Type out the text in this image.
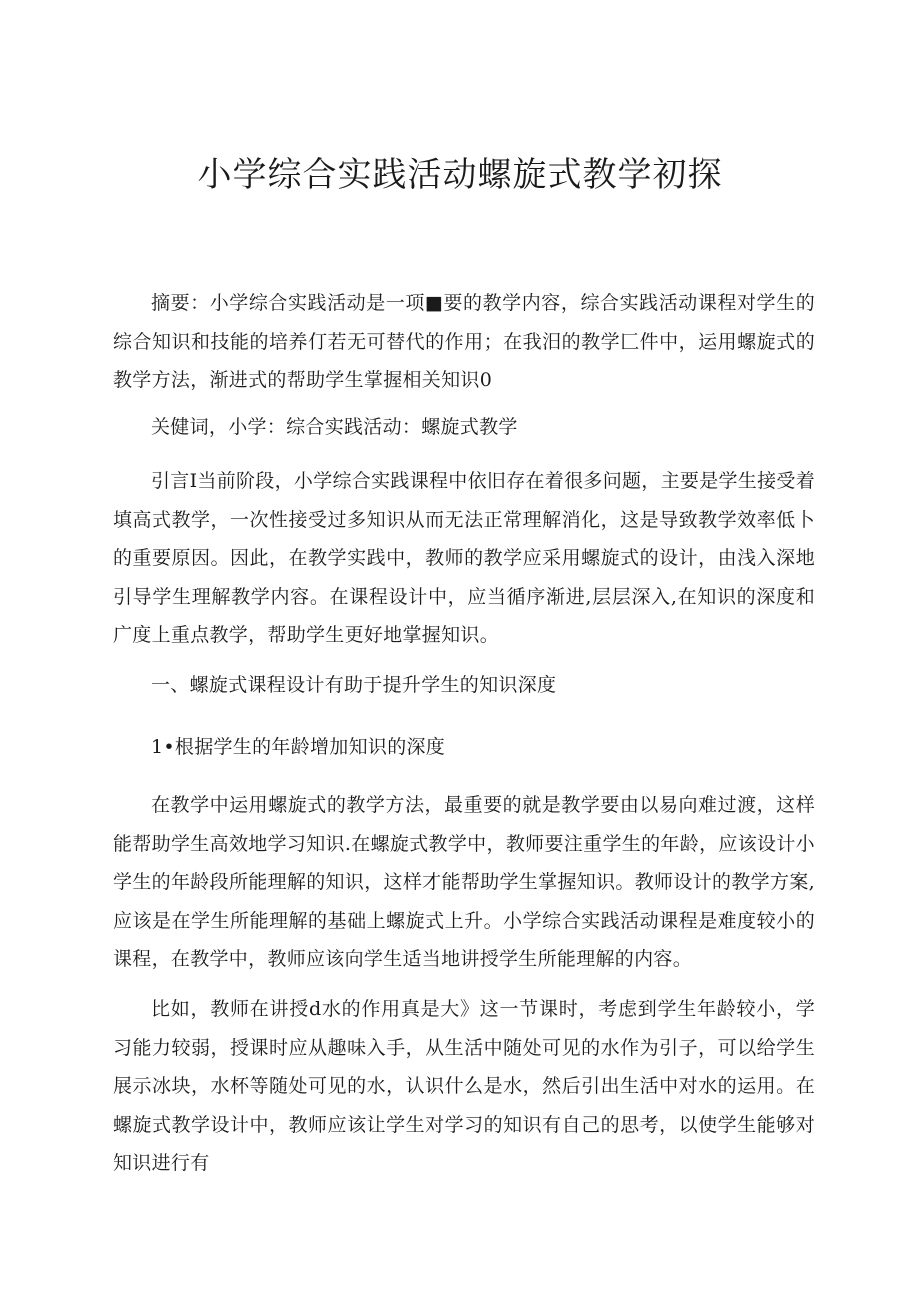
小学综合实践活动螺旋式教学初探

摘要：小学综合实践活动是一项■要的教学内容，综合实践活动课程对学生的综合知识和技能的培养仃若无可替代的作用；在我汨的教学匚件中，运用螺旋式的教学方法，渐进式的帮助学生掌握相关知识0

关健词，小学：综合实践活动：螺旋式教学

引言I当前阶段，小学综合实践课程中依旧存在着很多问题，主要是学生接受着填高式教学，一次性接受过多知识从而无法正常理解消化，这是导致教学效率低卜的重要原因。因此，在教学实践中，教师的教学应采用螺旋式的设计，由浅入深地引导学生理解教学内容。在课程设计中，应当循序渐进,层层深入,在知识的深度和广度上重点教学，帮助学生更好地掌握知识。

一、螺旋式课程设计有助于提升学生的知识深度

1•根据学生的年龄增加知识的深度

在教学中运用螺旋式的教学方法，最重要的就是教学要由以易向难过渡，这样能帮助学生高效地学习知识.在螺旋式教学中，教师要注重学生的年龄，应该设计小学生的年龄段所能理解的知识，这样才能帮助学生掌握知识。教师设计的教学方案,应该是在学生所能理解的基础上螺旋式上升。小学综合实践活动课程是难度较小的课程，在教学中，教师应该向学生适当地讲授学生所能理解的内容。

比如，教师在讲授d水的作用真是大》这一节课时，考虑到学生年龄较小，学习能力较弱，授课时应从趣味入手，从生活中随处可见的水作为引子，可以给学生展示冰块，水杯等随处可见的水，认识什么是水，然后引出生活中对水的运用。在螺旋式教学设计中，教师应该让学生对学习的知识有自己的思考，以使学生能够对知识进行有
